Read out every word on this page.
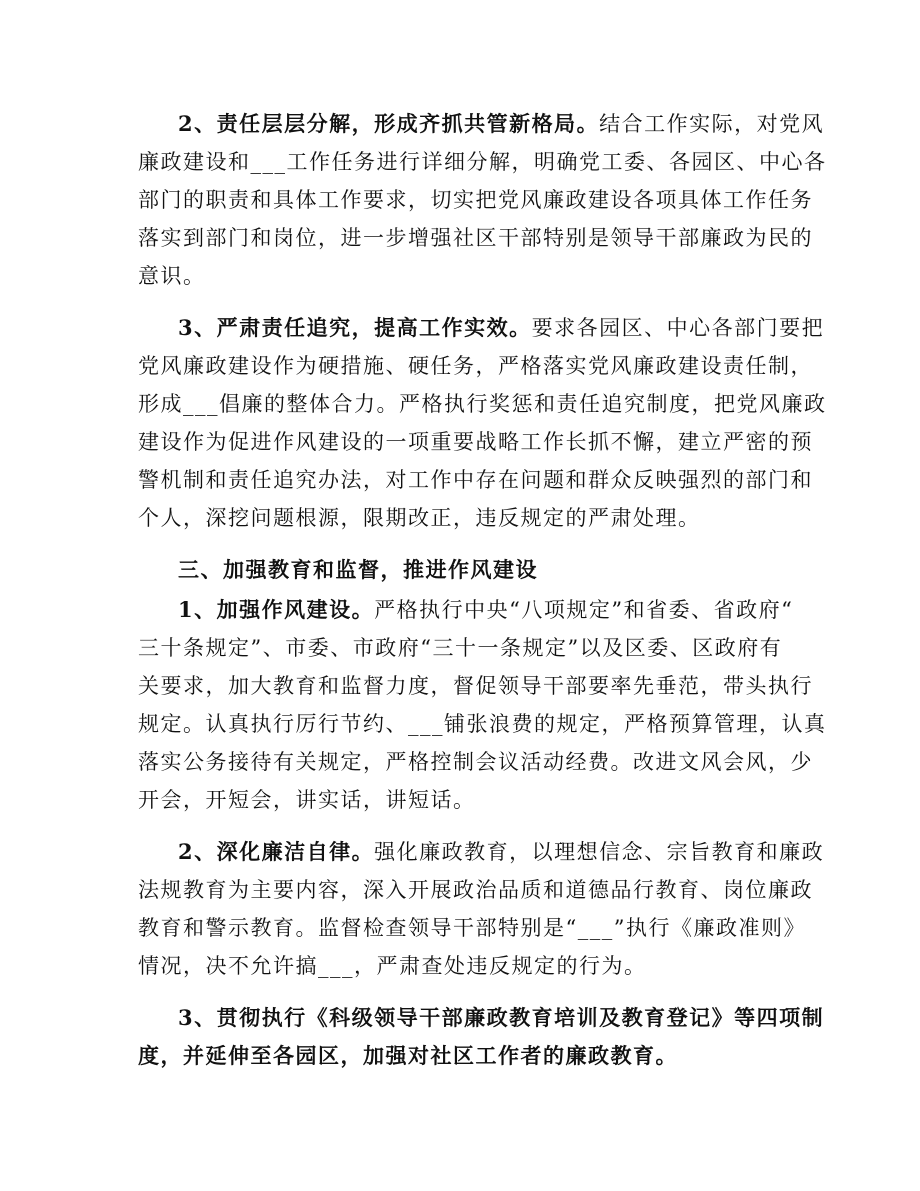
2、责任层层分解，形成齐抓共管新格局。结合工作实际，对党风
廉政建设和___工作任务进行详细分解，明确党工委、各园区、中心各
部门的职责和具体工作要求，切实把党风廉政建设各项具体工作任务
落实到部门和岗位，进一步增强社区干部特别是领导干部廉政为民的
意识。
3、严肃责任追究，提高工作实效。要求各园区、中心各部门要把
党风廉政建设作为硬措施、硬任务，严格落实党风廉政建设责任制，
形成___倡廉的整体合力。严格执行奖惩和责任追究制度，把党风廉政
建设作为促进作风建设的一项重要战略工作长抓不懈，建立严密的预
警机制和责任追究办法，对工作中存在问题和群众反映强烈的部门和
个人，深挖问题根源，限期改正，违反规定的严肃处理。
三、加强教育和监督，推进作风建设
1、加强作风建设。严格执行中央“八项规定”和省委、省政府“
三十条规定”、市委、市政府“三十一条规定”以及区委、区政府有
关要求，加大教育和监督力度，督促领导干部要率先垂范，带头执行
规定。认真执行厉行节约、___铺张浪费的规定，严格预算管理，认真
落实公务接待有关规定，严格控制会议活动经费。改进文风会风，少
开会，开短会，讲实话，讲短话。
2、深化廉洁自律。强化廉政教育，以理想信念、宗旨教育和廉政
法规教育为主要内容，深入开展政治品质和道德品行教育、岗位廉政
教育和警示教育。监督检查领导干部特别是“___”执行《廉政准则》
情况，决不允许搞___，严肃查处违反规定的行为。
3、贯彻执行《科级领导干部廉政教育培训及教育登记》等四项制
度，并延伸至各园区，加强对社区工作者的廉政教育。
